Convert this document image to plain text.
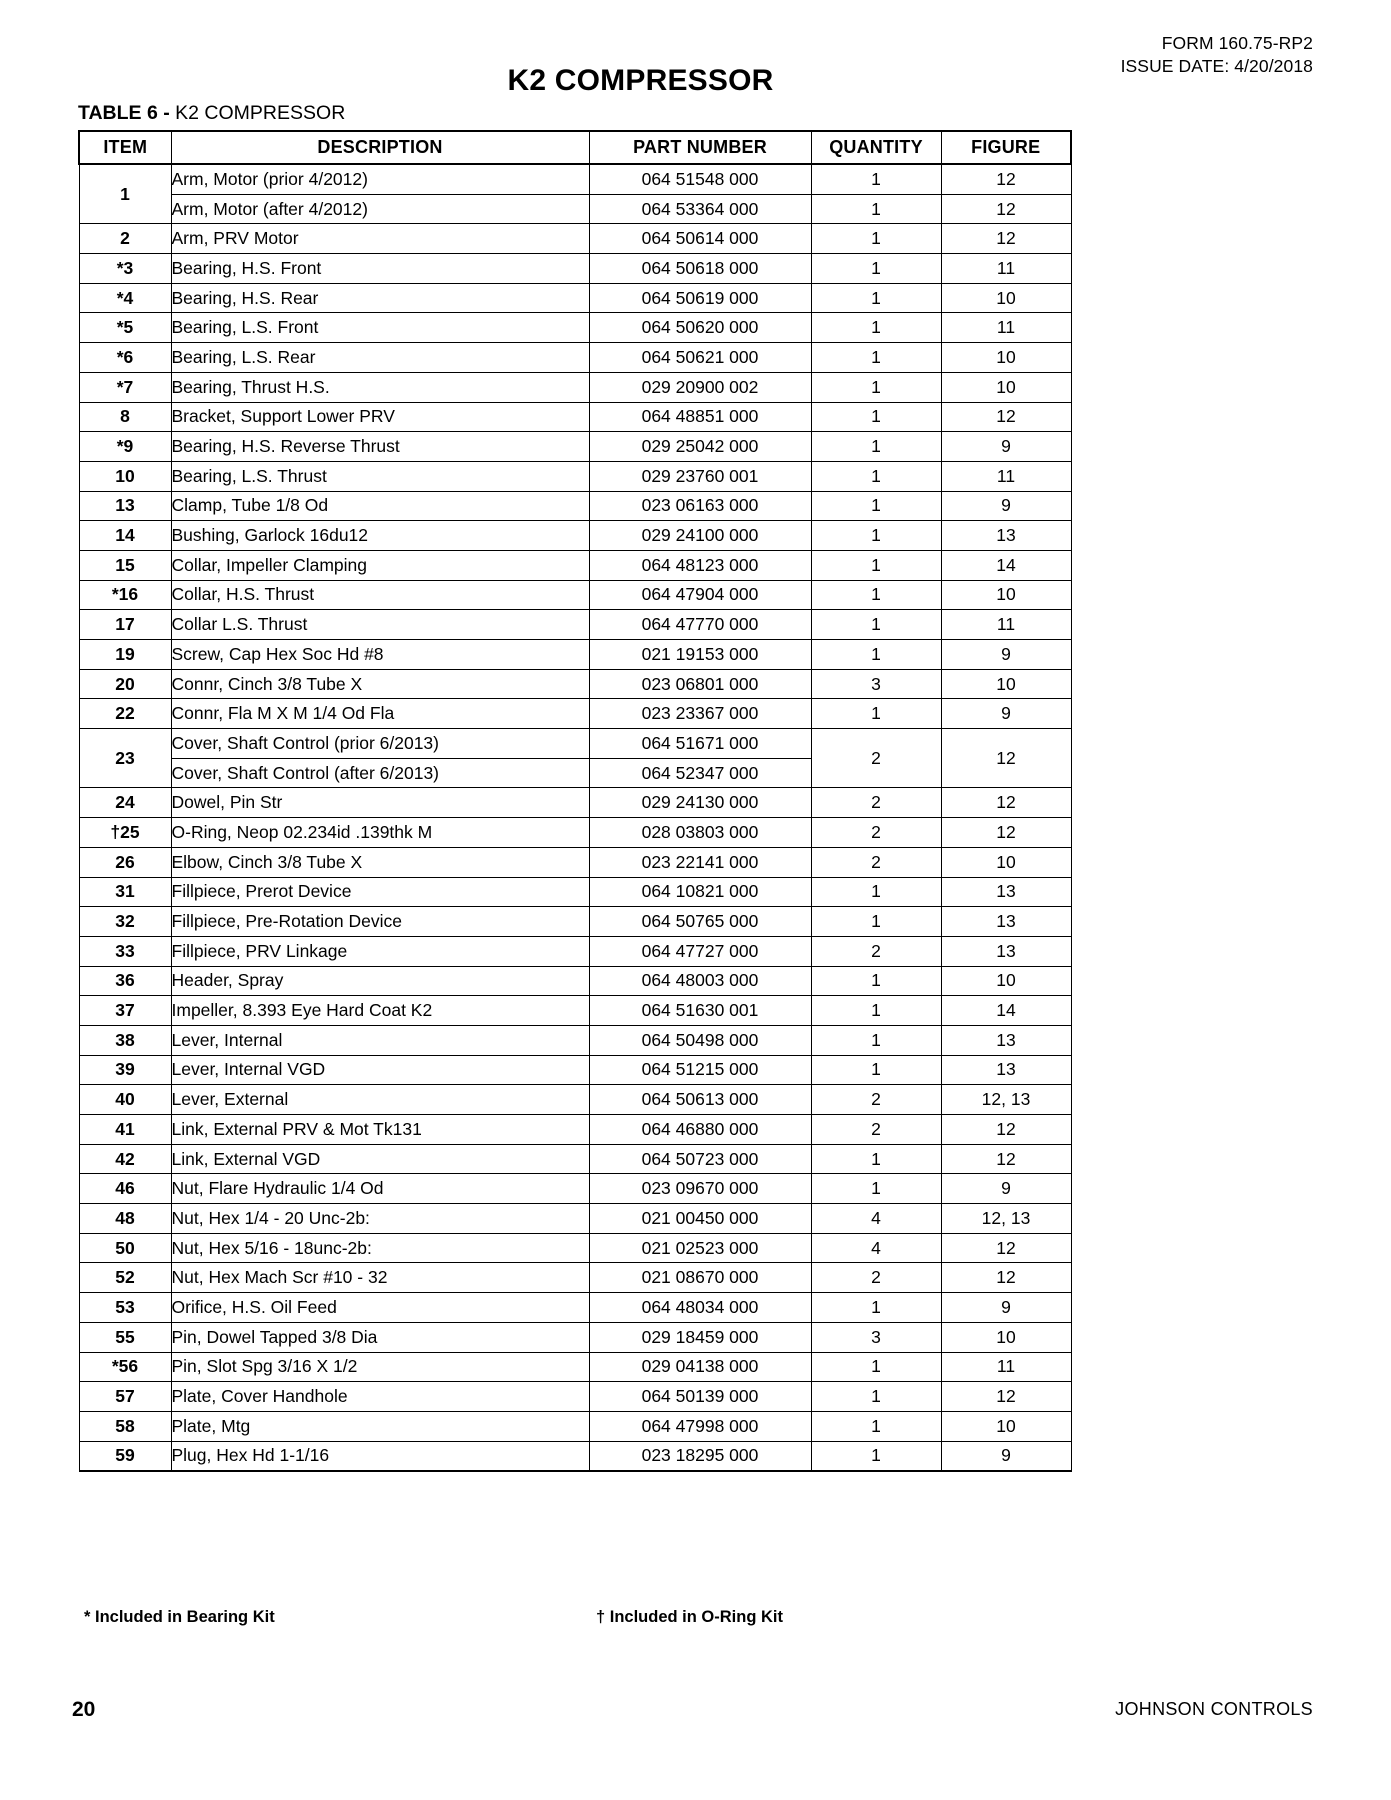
FORM 160.75-RP2
ISSUE DATE: 4/20/2018
K2 COMPRESSOR
TABLE 6 - K2 COMPRESSOR
ITEM	DESCRIPTION	PART NUMBER	QUANTITY	FIGURE
1	Arm, Motor (prior 4/2012)	064 51548 000	1	12
	Arm, Motor (after 4/2012)	064 53364 000	1	12
2	Arm, PRV Motor	064 50614 000	1	12
*3	Bearing, H.S. Front	064 50618 000	1	11
*4	Bearing, H.S. Rear	064 50619 000	1	10
*5	Bearing, L.S. Front	064 50620 000	1	11
*6	Bearing, L.S. Rear	064 50621 000	1	10
*7	Bearing, Thrust H.S.	029 20900 002	1	10
8	Bracket, Support Lower PRV	064 48851 000	1	12
*9	Bearing, H.S. Reverse Thrust	029 25042 000	1	9
10	Bearing, L.S. Thrust	029 23760 001	1	11
13	Clamp, Tube 1/8 Od	023 06163 000	1	9
14	Bushing, Garlock 16du12	029 24100 000	1	13
15	Collar, Impeller Clamping	064 48123 000	1	14
*16	Collar, H.S. Thrust	064 47904 000	1	10
17	Collar L.S. Thrust	064 47770 000	1	11
19	Screw, Cap Hex Soc Hd #8	021 19153 000	1	9
20	Connr, Cinch 3/8 Tube X	023 06801 000	3	10
22	Connr, Fla M X M 1/4 Od Fla	023 23367 000	1	9
23	Cover, Shaft Control (prior 6/2013)	064 51671 000	2	12
	Cover, Shaft Control (after 6/2013)	064 52347 000		
24	Dowel, Pin Str	029 24130 000	2	12
†25	O-Ring, Neop 02.234id .139thk M	028 03803 000	2	12
26	Elbow, Cinch 3/8 Tube X	023 22141 000	2	10
31	Fillpiece, Prerot Device	064 10821 000	1	13
32	Fillpiece, Pre-Rotation Device	064 50765 000	1	13
33	Fillpiece, PRV Linkage	064 47727 000	2	13
36	Header, Spray	064 48003 000	1	10
37	Impeller, 8.393 Eye Hard Coat K2	064 51630 001	1	14
38	Lever, Internal	064 50498 000	1	13
39	Lever, Internal VGD	064 51215 000	1	13
40	Lever, External	064 50613 000	2	12, 13
41	Link, External PRV & Mot Tk131	064 46880 000	2	12
42	Link, External VGD	064 50723 000	1	12
46	Nut, Flare Hydraulic 1/4 Od	023 09670 000	1	9
48	Nut, Hex 1/4 - 20 Unc-2b:	021 00450 000	4	12, 13
50	Nut, Hex 5/16 - 18unc-2b:	021 02523 000	4	12
52	Nut, Hex Mach Scr #10 - 32	021 08670 000	2	12
53	Orifice, H.S. Oil Feed	064 48034 000	1	9
55	Pin, Dowel Tapped 3/8 Dia	029 18459 000	3	10
*56	Pin, Slot Spg 3/16 X 1/2	029 04138 000	1	11
57	Plate, Cover Handhole	064 50139 000	1	12
58	Plate, Mtg	064 47998 000	1	10
59	Plug, Hex Hd 1-1/16	023 18295 000	1	9
* Included in Bearing Kit	† Included in O-Ring Kit
20	JOHNSON CONTROLS
